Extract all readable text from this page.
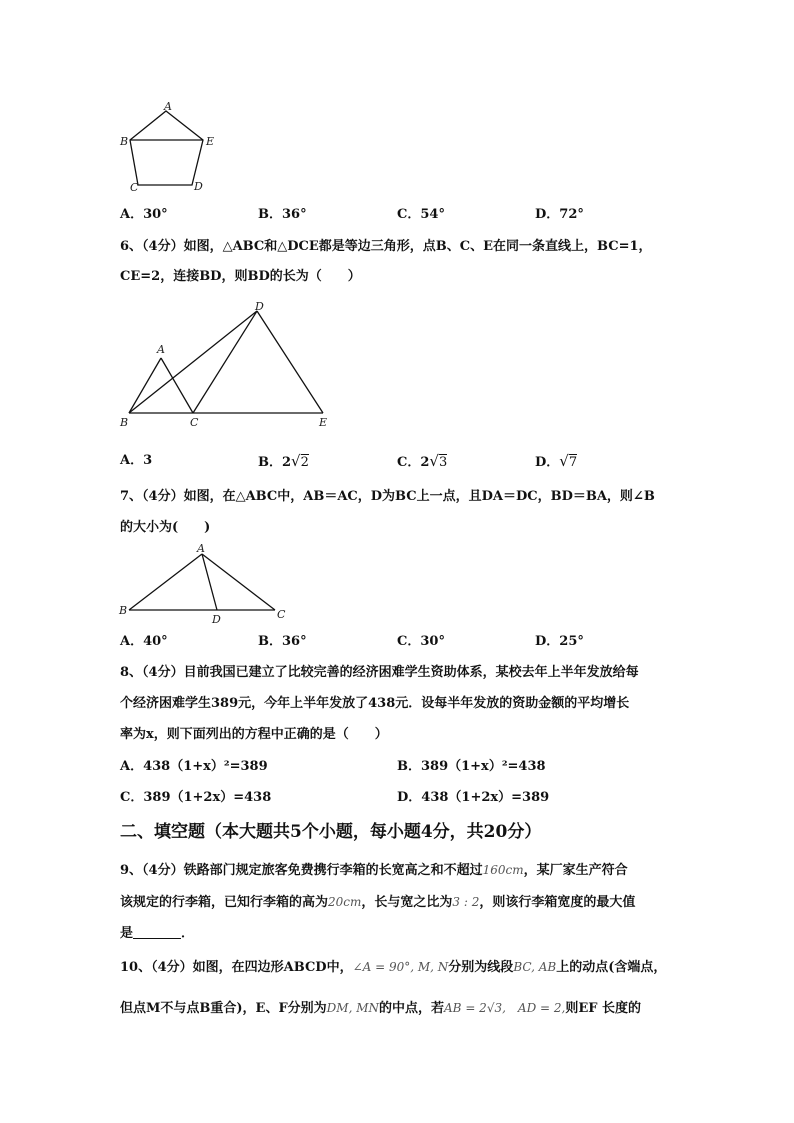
A
B	E
C	D
A．30°	B．36°	C．54°	D．72°
6、（4分）如图，△ABC和△DCE都是等边三角形，点B、C、E在同一条直线上，BC=1，
CE=2，连接BD，则BD的长为（　　）
A
B	C
D
E
A．3	B．2√2	C．2√3	D．√7
7、（4分）如图，在△ABC中，AB＝AC，D为BC上一点，且DA＝DC，BD＝BA，则∠B
的大小为(　　)
A
B
D	C
A．40°	B．36°	C．30°	D．25°
8、（4分）目前我国已建立了比较完善的经济困难学生资助体系，某校去年上半年发放给每
个经济困难学生389元，今年上半年发放了438元．设每半年发放的资助金额的平均增长
率为x，则下面列出的方程中正确的是（　　）
A．438（1+x）²=389	B．389（1+x）²=438
C．389（1+2x）=438	D．438（1+2x）=389
二、填空题（本大题共5个小题，每小题4分，共20分）
9、（4分）铁路部门规定旅客免费携行李箱的长宽高之和不超过160cm，某厂家生产符合
该规定的行李箱，已知行李箱的高为20cm，长与宽之比为3 : 2，则该行李箱宽度的最大值
是	．
10、（4分）如图，在四边形ABCD中，∠A = 90°, M, N分别为线段BC, AB上的动点(含端点，
但点M不与点B重合)，E、F分别为DM, MN的中点，若AB = 2√3,　AD = 2,则EF 长度的
